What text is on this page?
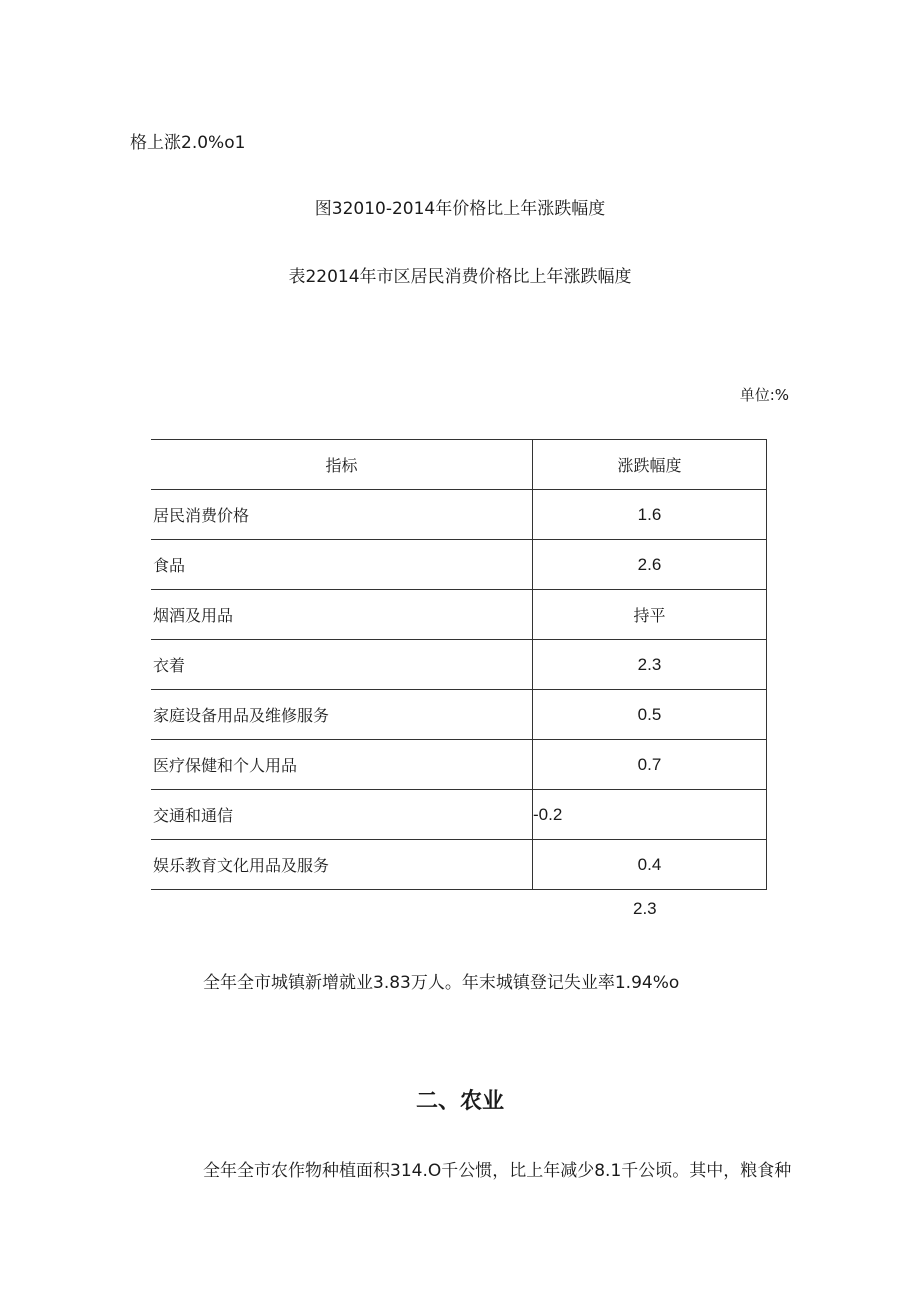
格上涨2.0%o1
图32010-2014年价格比上年涨跌幅度
表22014年市区居民消费价格比上年涨跌幅度
单位:%
指标	涨跌幅度
居民消费价格	1.6
食品	2.6
烟酒及用品	持平
衣着	2.3
家庭设备用品及维修服务	0.5
医疗保健和个人用品	0.7
交通和通信	-0.2
娱乐教育文化用品及服务	0.4
2.3
全年全市城镇新增就业3.83万人。年末城镇登记失业率1.94%o
二、农业
全年全市农作物种植面积314.O千公惯，比上年减少8.1千公顷。其中，粮食种
